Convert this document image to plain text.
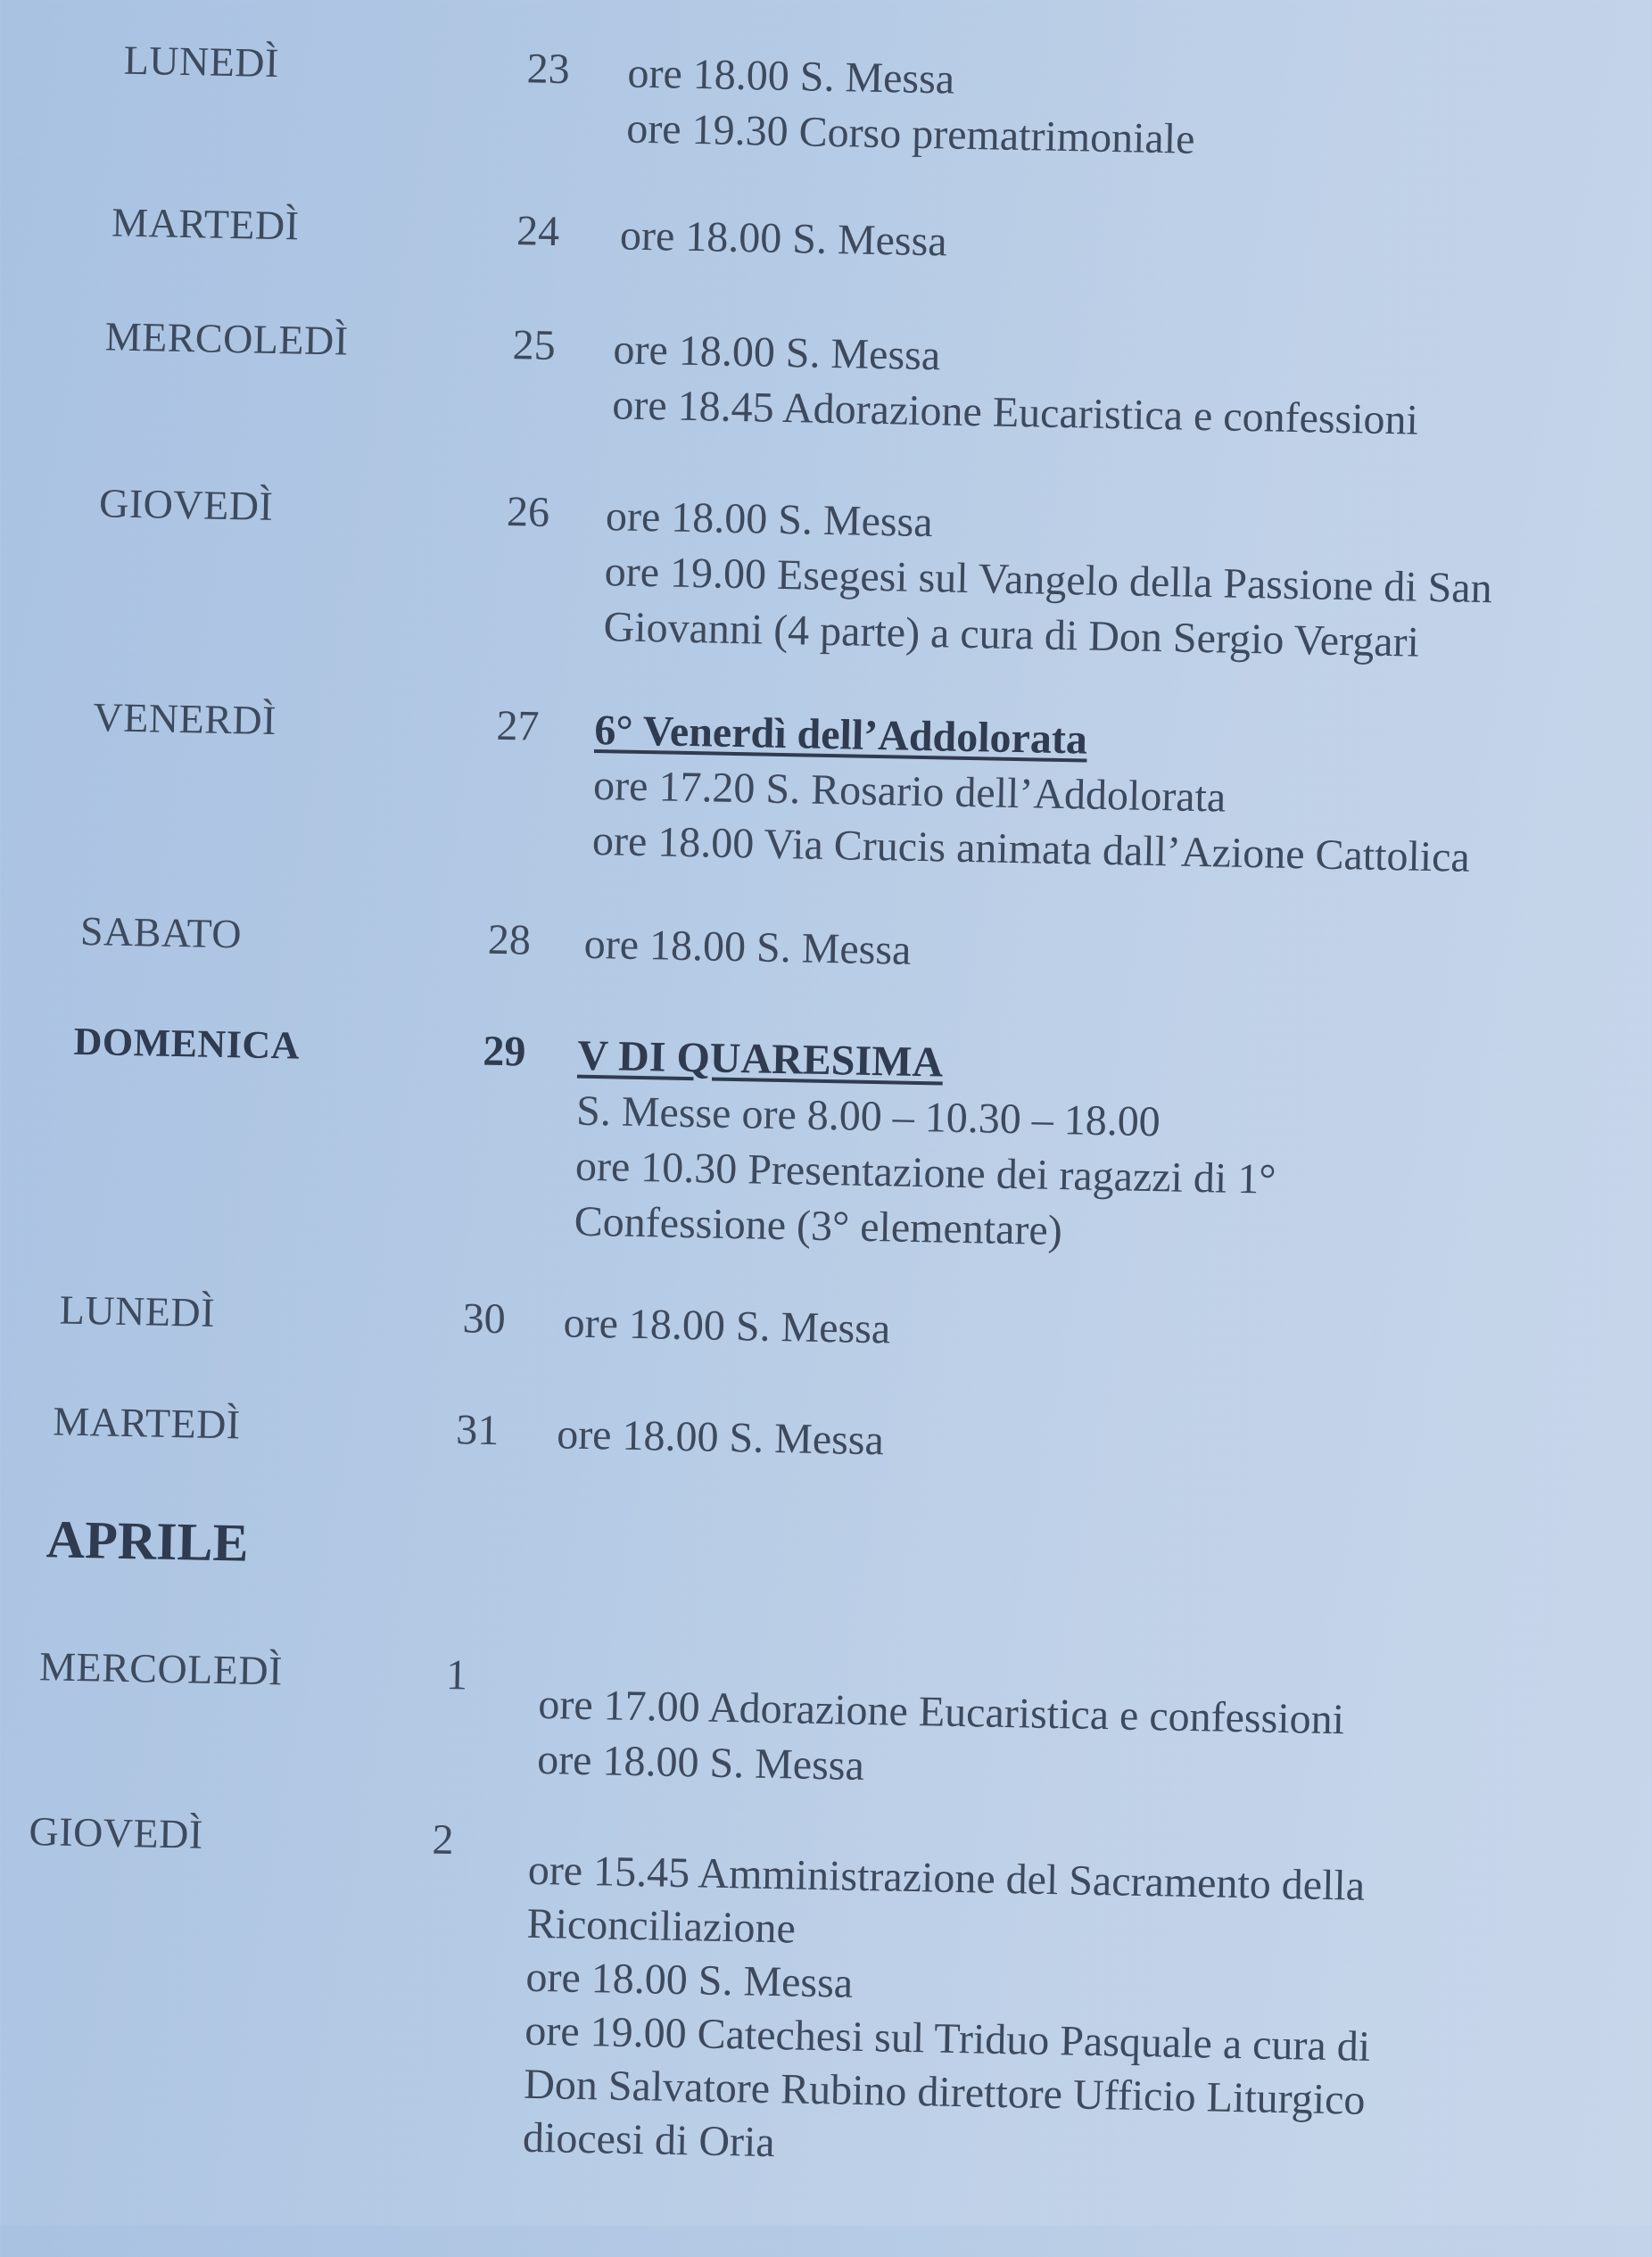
LUNEDÌ	23 ore 18.00 S. Messa
ore 19.30 Corso prematrimoniale
MARTEDÌ	24 ore 18.00 S. Messa
MERCOLEDÌ	25 ore 18.00 S. Messa
ore 18.45 Adorazione Eucaristica e confessioni
GIOVEDÌ	26 ore 18.00 S. Messa
ore 19.00 Esegesi sul Vangelo della Passione di San
Giovanni (4 parte) a cura di Don Sergio Vergari
VENERDÌ	27 6° Venerdì dell’Addolorata
ore 17.20 S. Rosario dell’Addolorata
ore 18.00 Via Crucis animata dall’Azione Cattolica
SABATO	28 ore 18.00 S. Messa
DOMENICA	29 V DI QUARESIMA
S. Messe ore 8.00 – 10.30 – 18.00
ore 10.30 Presentazione dei ragazzi di 1°
Confessione (3° elementare)
LUNEDÌ	30 ore 18.00 S. Messa
MARTEDÌ	31 ore 18.00 S. Messa
APRILE
MERCOLEDÌ	1
ore 17.00 Adorazione Eucaristica e confessioni
ore 18.00 S. Messa
GIOVEDÌ	2
ore 15.45 Amministrazione del Sacramento della
Riconciliazione
ore 18.00 S. Messa
ore 19.00 Catechesi sul Triduo Pasquale a cura di
Don Salvatore Rubino direttore Ufficio Liturgico
diocesi di Oria
